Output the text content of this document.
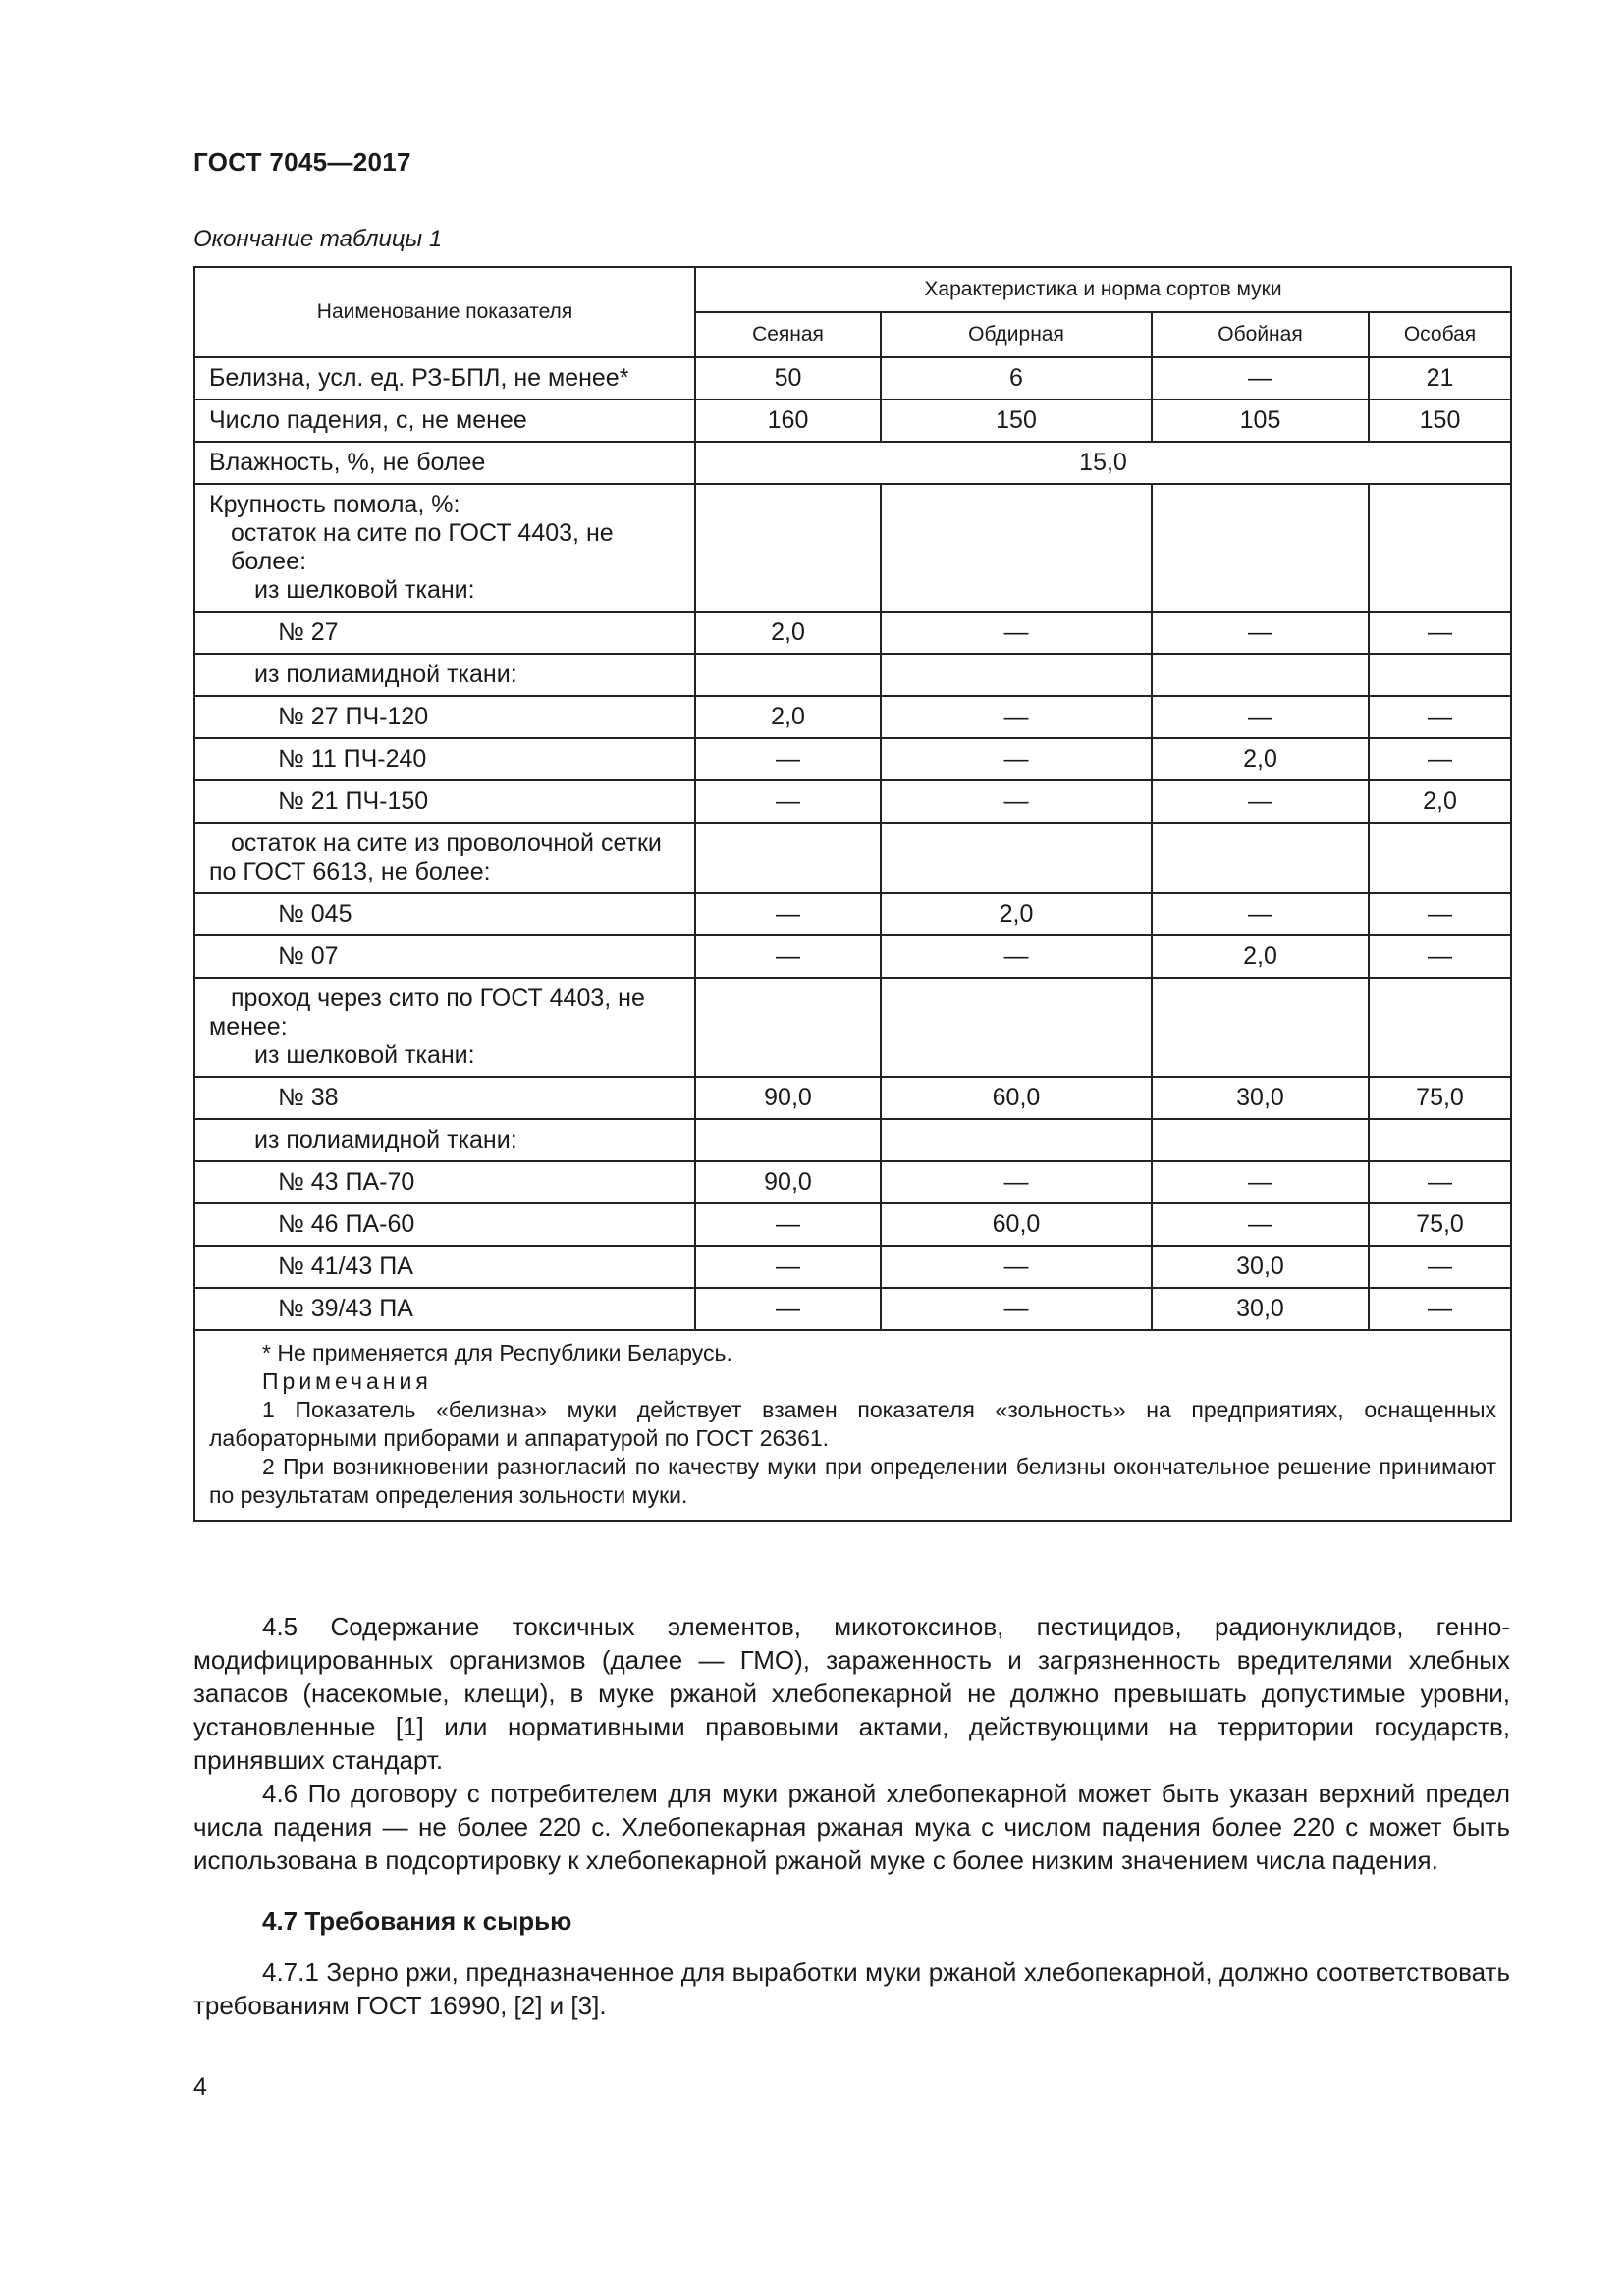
ГОСТ 7045—2017
Окончание таблицы 1
Наименование показателя	Характеристика и норма сортов муки			
	Сеяная	Обдирная	Обойная	Особая

Белизна, усл. ед. РЗ-БПЛ, не менее*	50	6	—	21

Число падения, с, не менее	160	150	105	150

Влажность, %, не более	15,0			

Крупность помола, %:
остаток на сите по ГОСТ 4403, не более:
из шелковой ткани:				

№ 27	2,0	—	—	—

из полиамидной ткани:				

№ 27 ПЧ-120	2,0	—	—	—

№ 11 ПЧ-240	—	—	2,0	—

№ 21 ПЧ-150	—	—	—	2,0

остаток на сите из проволочной сетки
по ГОСТ 6613, не более:				

№ 045	—	2,0	—	—

№ 07	—	—	2,0	—

проход через сито по ГОСТ 4403, не
менее:
из шелковой ткани:				

№ 38	90,0	60,0	30,0	75,0

из полиамидной ткани:				

№ 43 ПА-70	90,0	—	—	—

№ 46 ПА-60	—	60,0	—	75,0

№ 41/43 ПА	—	—	30,0	—

№ 39/43 ПА	—	—	30,0	—

* Не применяется для Республики Беларусь.
Примечания
1 Показатель «белизна» муки действует взамен показателя «зольность» на предприятиях, оснащенных лабораторными приборами и аппаратурой по ГОСТ 26361.
2 При возникновении разногласий по качеству муки при определении белизны окончательное решение принимают по результатам определения зольности муки.				

4.5 Содержание токсичных элементов, микотоксинов, пестицидов, радионуклидов, генно-модифицированных организмов (далее — ГМО), зараженность и загрязненность вредителями хлебных запасов (насекомые, клещи), в муке ржаной хлебопекарной не должно превышать допустимые уровни, установленные [1] или нормативными правовыми актами, действующими на территории государств, принявших стандарт.

4.6 По договору с потребителем для муки ржаной хлебопекарной может быть указан верхний предел числа падения — не более 220 с. Хлебопекарная ржаная мука с числом падения более 220 с может быть использована в подсортировку к хлебопекарной ржаной муке с более низким значением числа падения.

4.7 Требования к сырью

4.7.1 Зерно ржи, предназначенное для выработки муки ржаной хлебопекарной, должно соответствовать требованиям ГОСТ 16990, [2] и [3].

4
